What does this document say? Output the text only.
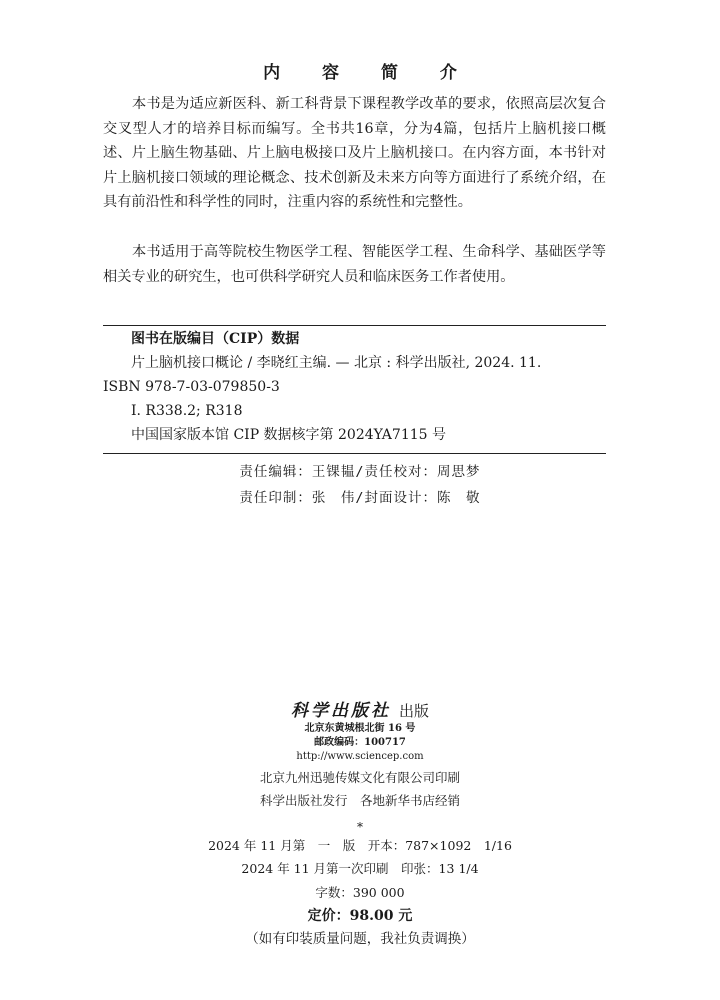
内 容 简 介

本书是为适应新医科、新工科背景下课程教学改革的要求，依照高层次复合交叉型人才的培养目标而编写。全书共16章，分为4篇，包括片上脑机接口概述、片上脑生物基础、片上脑电极接口及片上脑机接口。在内容方面，本书针对片上脑机接口领域的理论概念、技术创新及未来方向等方面进行了系统介绍，在具有前沿性和科学性的同时，注重内容的系统性和完整性。

本书适用于高等院校生物医学工程、智能医学工程、生命科学、基础医学等相关专业的研究生，也可供科学研究人员和临床医务工作者使用。

图书在版编目（CIP）数据
片上脑机接口概论 / 李晓红主编. — 北京 : 科学出版社, 2024. 11.
ISBN 978-7-03-079850-3
Ⅰ. R338.2; R318
中国国家版本馆 CIP 数据核字第 2024YA7115 号
责任编辑：王锞韫/责任校对：周思梦
责任印制：张　伟/封面设计：陈　敬
科学出版社 出版
北京东黄城根北街 16 号
邮政编码：100717
http://www.sciencep.com
北京九州迅驰传媒文化有限公司印刷
科学出版社发行　各地新华书店经销
*
2024 年 11 月第　一　版　开本：787×1092　1/16
2024 年 11 月第一次印刷　印张：13 1/4
字数：390 000
定价：98.00 元
（如有印装质量问题，我社负责调换）
